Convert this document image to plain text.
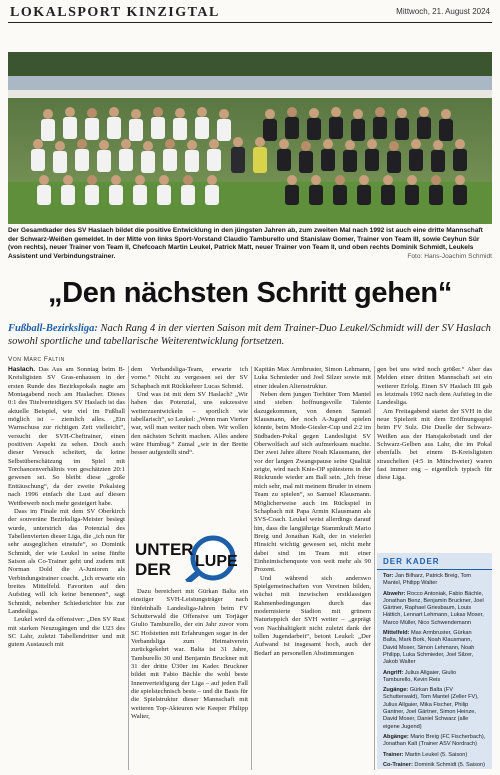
LOKALSPORT KINZIGTAL	Mittwoch, 21. August 2024
Der Gesamtkader des SV Haslach bildet die positive Entwicklung in den jüngsten Jahren ab, zum zweiten Mal nach 1992 ist auch eine dritte Mannschaft der Schwarz-Weißen gemeldet. In der Mitte von links Sport-Vorstand Claudio Tamburello und Stanislaw Gomer, Trainer von Team III, sowie Ceyhun Sür (von rechts), neuer Trainer von Team II, Chefcoach Martin Leukel, Patrick Matt, neuer Trainer von Team II, und oben rechts Dominik Schmidt, Leukels Assistent und Verbindungstrainer.	Foto: Hans-Joachim Schmidt
„Den nächsten Schritt gehen“
Fußball-Bezirksliga: Nach Rang 4 in der vierten Saison mit dem Trainer-Duo Leukel/Schmidt will der SV Haslach sowohl sportliche und tabellarische Weiterentwicklung fortsetzen.
Von Marc Faltin

Haslach. Das Aus am Sonntag beim B-Kreisligisten SV Gras-enhausen in der ersten Runde des Bezirkspokals nagte am Montagabend noch am Haslacher. Dieses 0:1 des Titelverteidigers SV Haslach ist das aktuelle Beispiel, wie viel im Fußball möglich ist – ziemlich alles. „Ein Warnschuss zur richtigen Zeit vielleicht“, versucht der SVH-Cheftrainer, einen positiven Aspekt zu sehen. Doch auch dieser Versuch scheitert, da keine Selbstüberschätzung im Spiel mit Torchancenverhältnis von geschätzten 20:1 gewesen sei. So bleibt diese „große Enttäuschung“, da der zweite Pokalsieg nach 1996 einfach die Lust auf diesen Wettbewerb noch mehr gesteigert habe.

Dass im Finale mit dem SV Oberkirch der souveräne Bezirksliga-Meister besiegt wurde, unterstrich das Potenzial des Tabellenvierten dieser Liga, die „ich nun für sehr ausgeglichen einstufe“, so Dominik Schmidt, der wie Leukel in seine fünfte Saison als Co-Trainer geht und zudem mit Norman Dold die A-Junioren als Verbindungstrainer coacht. „Ich erwarte ein breites Mittelfeld. Favoriten auf den Aufstieg will ich keine benennen“, sagt Schmidt, nebenher Schiedsrichter bis zur Landesliga.

Leukel wird da offensiver: „Den SV Rust mit starken Neuzugängen und die U23 des SC Lahr, zuletzt Tabellendritter und mit gutem Austausch mit

dem Verbandsliga-Team, erwarte ich vorne.“ Nicht zu vergessen sei der SV Schapbach mit Rückkehrer Lucas Schmid.

Und was ist mit dem SV Haslach? „Wir haben das Potenzial, uns sukzessive weiterzuentwickeln – sportlich wie tabellarisch“, so Leukel: „Wenn man Vierter war, will man weiter nach oben. Wir wollen den nächsten Schritt machen. Alles andere wäre Humbug.“ Zumal „wir in der Breite besser aufgestellt sind“.

UNTER
DER LUPE

Dazu bereichert mit Gürkan Balta ein einstiger SVH-Leistungsträger nach fünfeinhalb Landesliga-Jahren beim FV Schutterwald die Offensive um Torjäger Giulio Tamburello, der ein Jahr zuvor vom SC Hofstetten mit Erfahrungen sogar in der Verbandsliga zum Heimatverein zurückgekehrt war. Balta ist 31 Jahre, Tamburello 30 und Benjamin Bruckner mit 31 der dritte Ü30er im Kader. Bruckner bildet mit Fabio Bächle die wohl beste Innenverteidigung der Liga – auf jeden Fall die spielstechnisch beste – und die Basis für die Spielstruktur dieser Mannschaft mit weiteren Top-Akteuren wie Keeper Philipp Walter,

Kapitän Max Armbruster, Simon Lehmann, Luka Schmieder und Joel Silzer sowie mit einer idealen Altersstruktur.

Neben dem jungen Torhüter Tom Mantel sind sieben hoffnungsvolle Talente dazugekommen, von denen Samuel Klausmann, der noch A-Jugend spielen könnte, beim Mode-Giesler-Cup und 2:2 im Südbaden-Pokal gegen Landesligist SV Oberwolfach auf sich aufmerksam machte. Der zwei Jahre ältere Noah Klausmann, der vor der langen Zwangspause seine Qualität zeigte, wird nach Knie-OP spätestens in der Rückrunde wieder am Ball sein. „Ich freue mich sehr, mal mit meinem Bruder in einem Team zu spielen“, so Samuel Klausmann. Möglicherweise auch im Rückspiel in Schapbach mit Papa Armin Klausmann als SVS-Coach. Leukel weist allerdings darauf hin, dass die langjährige Stammkraft Mario Breig und Jonathan Kalt, der in vielerlei Hinsicht wichtig gewesen sei, nicht mehr dabei sind im Team mit einer Einheimischenquote von weit mehr als 90 Prozent.

Und während sich anderswo Spielgemeinschaften von Vereinen bilden, wächst mit inzwischen erstklassigen Rahmenbedingungen durch das modernisierte Stadion mit grünem Naturteppich der SVH weiter – „geprägt von Nachhaltigkeit nicht zuletzt dank der tollen Jugendarbeit“, betont Leukel: „Der Aufwand ist insgesamt hoch, auch der Bedarf an personellen Abstimmungen

gen bei uns wird noch größer.“ Aber das Melden einer dritten Mannschaft sei ein weiterer Erfolg. Einen SV Haslach III gab es letztmals 1992 nach dem Aufstieg in die Landesliga.

Am Freitagabend startet der SVH in die neue Spielzeit mit dem Eröffnungsspiel beim FV Sulz. Die Duelle der Schwarz-Weißen aus der Hansjakobstadt und der Schwarz-Gelben aus Lahr, die im Pokal ebenfalls bei einem B-Kreisligisten strauchelten (4:5 in Münchweier) waren fast immer eng – eigentlich typisch für diese Liga.

DER KADER

Tor: Jan Bilharz, Patrick Breig, Tom Mantel, Philipp Walter

Abwehr: Rocco Antoniak, Fabio Bächle, Jonathan Benz, Benjamin Bruckner, Joel Gärtner, Raphael Griesbaum, Louis Hättich, Lennart Lehmann, Lukas Moser, Marco Müller, Nico Schwendemann

Mittelfeld: Max Armbruster, Gürkan Balta, Mark Bork, Noah Klausmann, David Moser, Simon Lehmann, Noah Philipp, Luka Schmieder, Joel Silzer, Jakob Walter

Angriff: Julius Allgaier, Giulio Tamburello, Kevin Reis

Zugänge: Gürkan Balta (FV Schutterwald), Tom Mantel (Zeller FV), Julius Allgaier, Mika Fischer, Philip Gantner, Joel Gärtner, Simon Heinze, David Moser, Daniel Schwarz (alle eigene Jugend)

Abgänge: Mario Breig (FC Fischerbach), Jonathan Kalt (Trainer ASV Nordrach)

Trainer: Martin Leukel (5. Saison)

Co-Trainer: Dominik Schmidt (5. Saison)
